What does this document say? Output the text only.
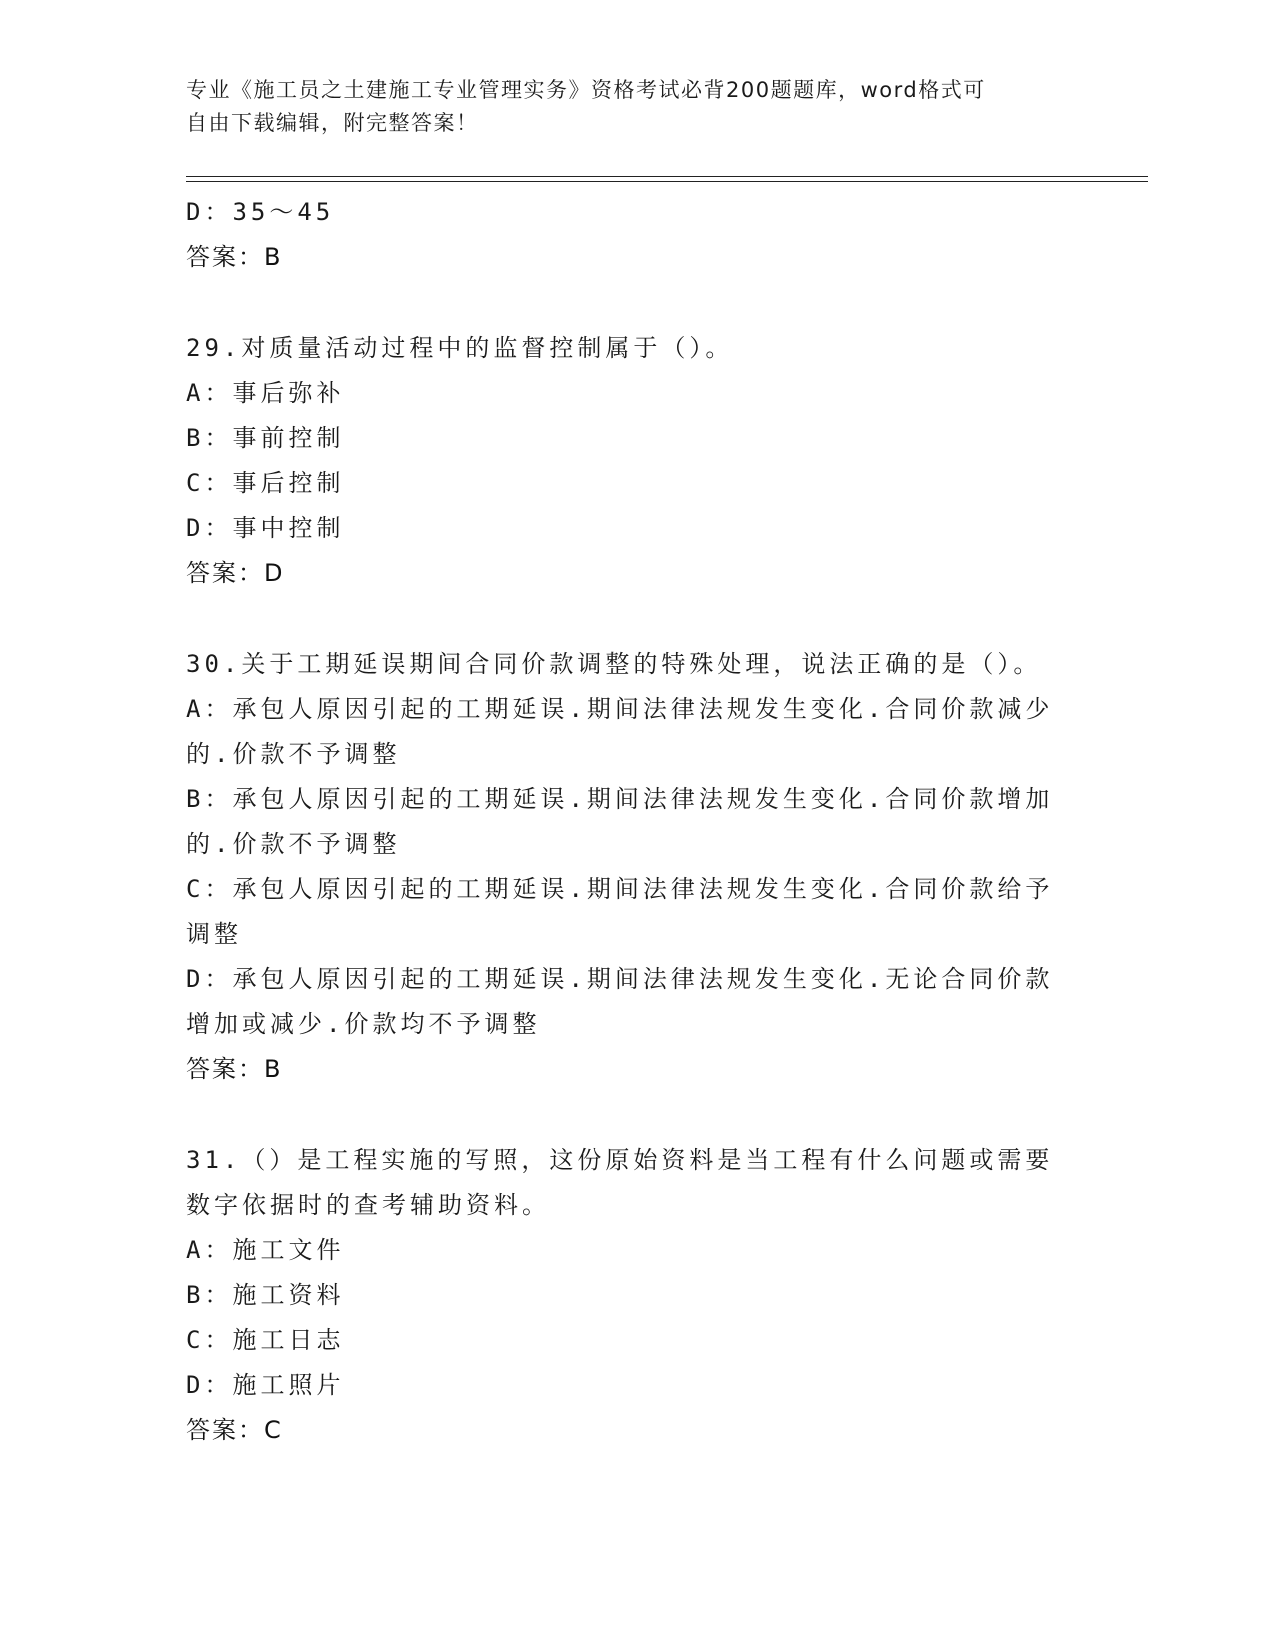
专业《施工员之土建施工专业管理实务》资格考试必背200题题库，word格式可
自由下载编辑，附完整答案！
D：35～45
答案：B
29.对质量活动过程中的监督控制属于（）。
A：事后弥补
B：事前控制
C：事后控制
D：事中控制
答案：D
30.关于工期延误期间合同价款调整的特殊处理，说法正确的是（）。
A：承包人原因引起的工期延误.期间法律法规发生变化.合同价款减少的.价款不予调整
B：承包人原因引起的工期延误.期间法律法规发生变化.合同价款增加的.价款不予调整
C：承包人原因引起的工期延误.期间法律法规发生变化.合同价款给予调整
D：承包人原因引起的工期延误.期间法律法规发生变化.无论合同价款增加或减少.价款均不予调整
答案：B
31.（）是工程实施的写照，这份原始资料是当工程有什么问题或需要数字依据时的查考辅助资料。
A：施工文件
B：施工资料
C：施工日志
D：施工照片
答案：C
